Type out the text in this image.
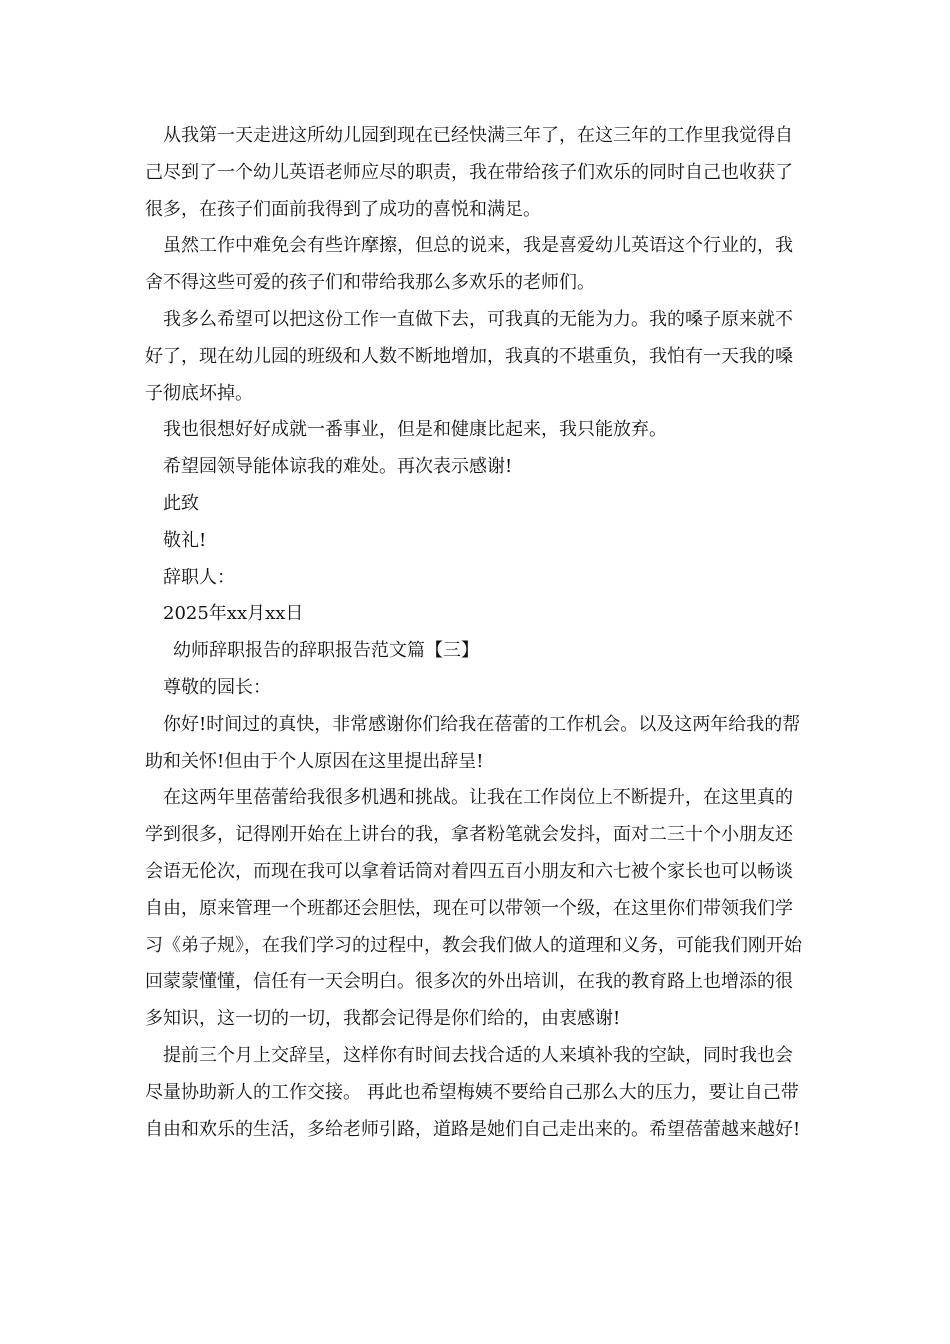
从我第一天走进这所幼儿园到现在已经快满三年了，在这三年的工作里我觉得自己尽到了一个幼儿英语老师应尽的职责，我在带给孩子们欢乐的同时自己也收获了很多，在孩子们面前我得到了成功的喜悦和满足。

虽然工作中难免会有些许摩擦，但总的说来，我是喜爱幼儿英语这个行业的，我舍不得这些可爱的孩子们和带给我那么多欢乐的老师们。

我多么希望可以把这份工作一直做下去，可我真的无能为力。我的嗓子原来就不好了，现在幼儿园的班级和人数不断地增加，我真的不堪重负，我怕有一天我的嗓子彻底坏掉。

我也很想好好成就一番事业，但是和健康比起来，我只能放弃。

希望园领导能体谅我的难处。再次表示感谢!

此致

敬礼!

辞职人：

2025年xx月xx日

幼师辞职报告的辞职报告范文篇【三】

尊敬的园长：

你好!时间过的真快，非常感谢你们给我在蓓蕾的工作机会。以及这两年给我的帮助和关怀!但由于个人原因在这里提出辞呈!

在这两年里蓓蕾给我很多机遇和挑战。让我在工作岗位上不断提升，在这里真的学到很多，记得刚开始在上讲台的我，拿者粉笔就会发抖，面对二三十个小朋友还会语无伦次，而现在我可以拿着话筒对着四五百小朋友和六七被个家长也可以畅谈自由，原来管理一个班都还会胆怯，现在可以带领一个级，在这里你们带领我们学习《弟子规》，在我们学习的过程中，教会我们做人的道理和义务，可能我们刚开始回蒙蒙懂懂，信任有一天会明白。很多次的外出培训，在我的教育路上也增添的很多知识，这一切的一切，我都会记得是你们给的，由衷感谢!

提前三个月上交辞呈，这样你有时间去找合适的人来填补我的空缺，同时我也会尽量协助新人的工作交接。 再此也希望梅姨不要给自己那么大的压力，要让自己带自由和欢乐的生活，多给老师引路，道路是她们自己走出来的。希望蓓蕾越来越好!
